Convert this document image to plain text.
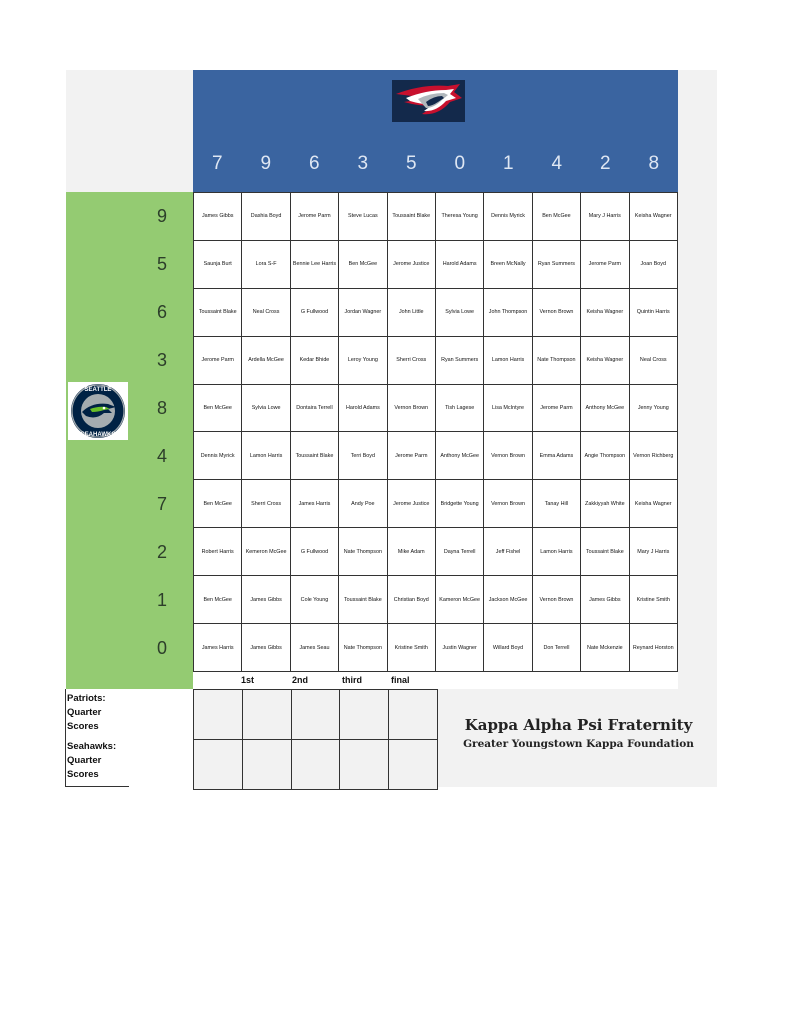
7	9	6	3	5	0	1	4	2	8
SEATTLE
SEAHAWKS
9
5
6
3
8
4
7
2
1
0
James Gibbs	Dashia Boyd	Jerome Parm	Steve Lucas	Toussaint Blake	Theresa Young	Dennis Myrick	Ben McGee	Mary J Harris	Keisha Wagner
Saunja Burt	Lora S-F	Bennie Lee Harris	Ben McGee	Jerome Justice	Harold Adams	Breen McNally	Ryan Summers	Jerome Parm	Joan Boyd
Toussaint Blake	Neal Cross	G Fullwood	Jordan Wagner	John Little	Sylvia Lowe	John Thompson	Vernon Brown	Keisha Wagner	Quintin Harris
Jerome Parm	Ardella McGee	Kedar Bhide	Leroy Young	Sherri Cross	Ryan Summers	Lamon Harris	Nate Thompson	Keisha Wagner	Neal Cross
Ben McGee	Sylvia Lowe	Dontaira Terrell	Harold Adams	Vernon Brown	Tish Lagese	Lisa McIntyre	Jerome Parm	Anthony McGee	Jenny Young
Dennis Myrick	Lamon Harris	Toussaint Blake	Terri Boyd	Jerome Parm	Anthony McGee	Vernon Brown	Emma Adams	Angie Thompson	Vernon Richberg
Ben McGee	Sherri Cross	James Harris	Andy Poe	Jerome Justice	Bridgette Young	Vernon Brown	Tanay Hill	Zakkiyyah White	Keisha Wagner
Robert Harris	Kemeron McGee	G Fullwood	Nate Thompson	Mike Adam	Dayna Terrell	Jeff Fishel	Lamon Harris	Toussaint Blake	Mary J Harris
Ben McGee	James Gibbs	Cole Young	Toussaint Blake	Christian Boyd	Kameron McGee	Jackson McGee	Vernon Brown	James Gibbs	Kristine Smith
James Harris	James Gibbs	James Seau	Nate Thompson	Kristine Smith	Justin Wagner	Willard Boyd	Don Terrell	Nate Mckenzie	Reynard Horston
1st	2nd	third	final
Patriots:
Quarter
Scores
Seahawks:
Quarter
Scores

Kappa Alpha Psi Fraternity
Greater Youngstown Kappa Foundation
